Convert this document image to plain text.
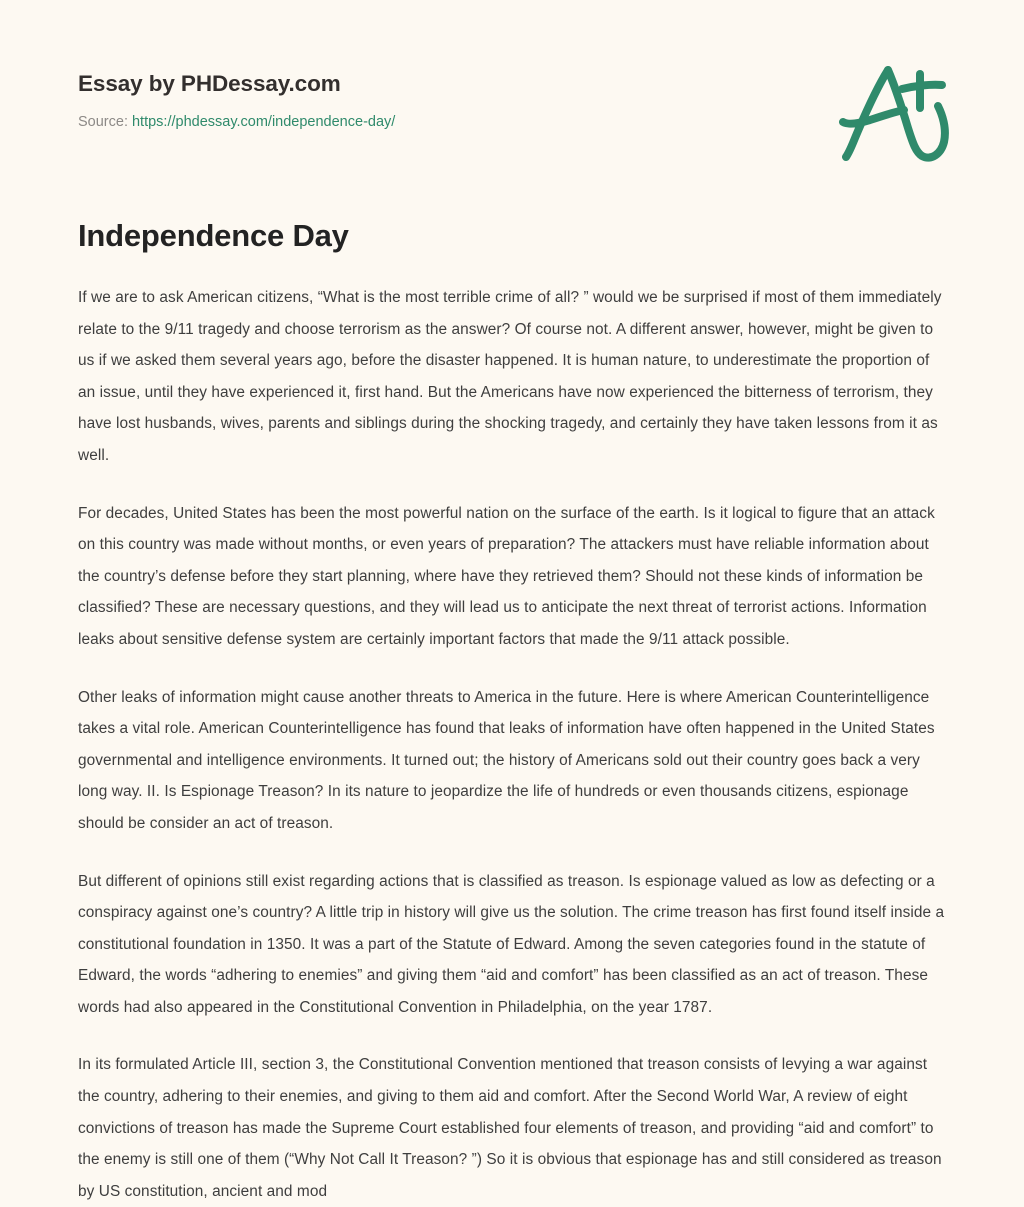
Essay by PHDessay.com
Source: https://phdessay.com/independence-day/
Independence Day

If we are to ask American citizens, “What is the most terrible crime of all? ” would we be surprised if most of them immediately relate to the 9/11 tragedy and choose terrorism as the answer? Of course not. A different answer, however, might be given to us if we asked them several years ago, before the disaster happened. It is human nature, to underestimate the proportion of an issue, until they have experienced it, first hand. But the Americans have now experienced the bitterness of terrorism, they have lost husbands, wives, parents and siblings during the shocking tragedy, and certainly they have taken lessons from it as well.

For decades, United States has been the most powerful nation on the surface of the earth. Is it logical to figure that an attack on this country was made without months, or even years of preparation? The attackers must have reliable information about the country’s defense before they start planning, where have they retrieved them? Should not these kinds of information be classified? These are necessary questions, and they will lead us to anticipate the next threat of terrorist actions. Information leaks about sensitive defense system are certainly important factors that made the 9/11 attack possible.

Other leaks of information might cause another threats to America in the future. Here is where American Counterintelligence takes a vital role. American Counterintelligence has found that leaks of information have often happened in the United States governmental and intelligence environments. It turned out; the history of Americans sold out their country goes back a very long way. II. Is Espionage Treason? In its nature to jeopardize the life of hundreds or even thousands citizens, espionage should be consider an act of treason.

But different of opinions still exist regarding actions that is classified as treason. Is espionage valued as low as defecting or a conspiracy against one’s country? A little trip in history will give us the solution. The crime treason has first found itself inside a constitutional foundation in 1350. It was a part of the Statute of Edward. Among the seven categories found in the statute of Edward, the words “adhering to enemies” and giving them “aid and comfort” has been classified as an act of treason. These words had also appeared in the Constitutional Convention in Philadelphia, on the year 1787.

In its formulated Article III, section 3, the Constitutional Convention mentioned that treason consists of levying a war against the country, adhering to their enemies, and giving to them aid and comfort. After the Second World War, A review of eight convictions of treason has made the Supreme Court established four elements of treason, and providing “aid and comfort” to the enemy is still one of them (“Why Not Call It Treason? ”) So it is obvious that espionage has and still considered as treason by US constitution, ancient and mod
